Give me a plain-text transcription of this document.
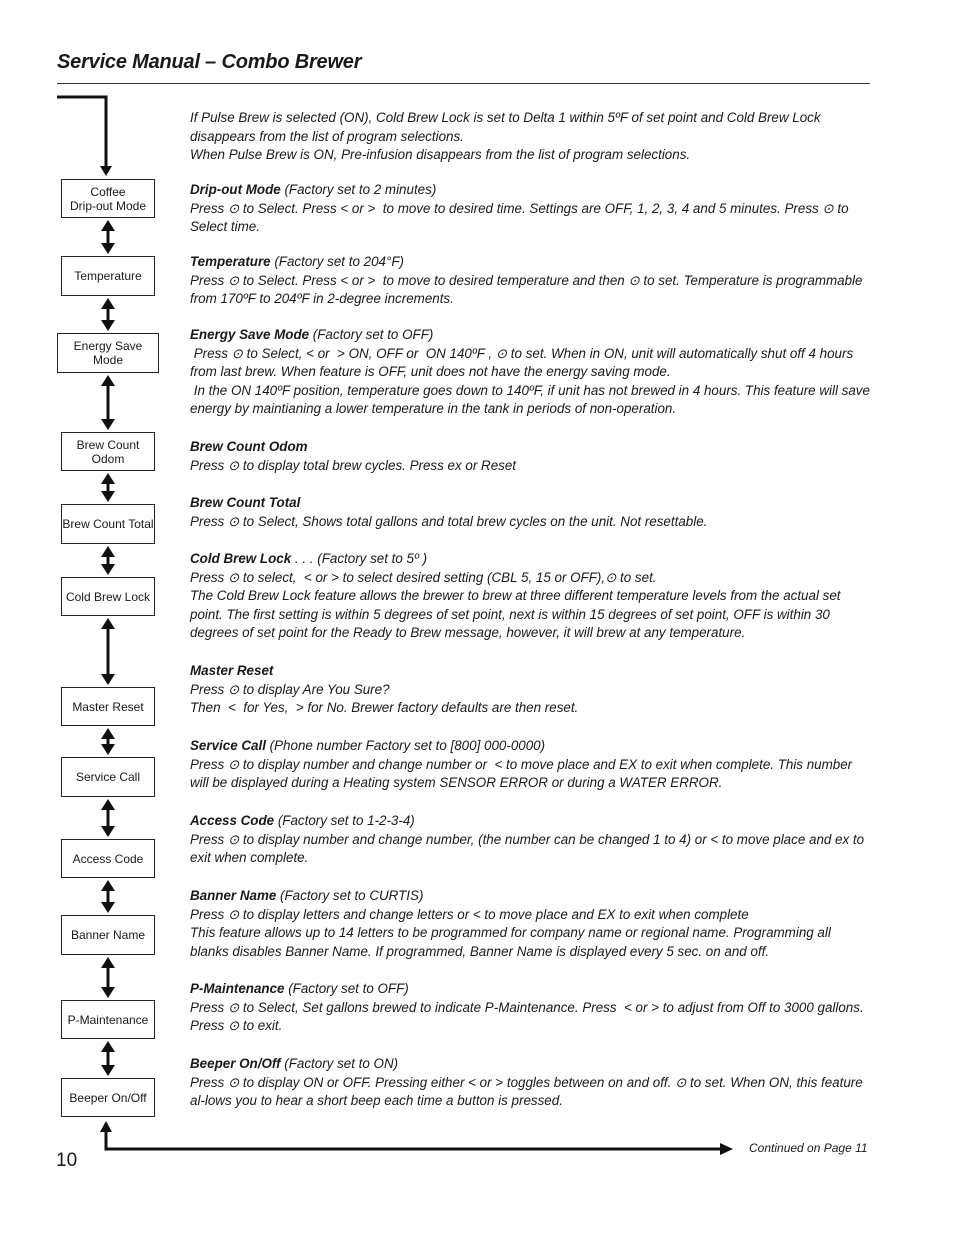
Service Manual – Combo Brewer
Coffee
Drip-out Mode
Temperature
Energy Save Mode
Brew Count Odom
Brew Count Total
Cold Brew Lock
Master Reset
Service Call
Access Code
Banner Name
P-Maintenance
Beeper On/Off

If Pulse Brew is selected (ON), Cold Brew Lock is set to Delta 1 within 5ºF of set point and Cold Brew Lock disappears from the list of program selections.

When Pulse Brew is ON, Pre-infusion disappears from the list of program selections.

Drip-out Mode (Factory set to 2 minutes)

Press ⊙ to Select. Press < or >  to move to desired time. Settings are OFF, 1, 2, 3, 4 and 5 minutes. Press ⊙ to Select time.

Temperature (Factory set to 204°F)

Press ⊙ to Select. Press < or >  to move to desired temperature and then ⊙ to set. Temperature is programmable from 170ºF to 204ºF in 2-degree increments.

Energy Save Mode (Factory set to OFF)

Press ⊙ to Select, < or  > ON, OFF or  ON 140ºF , ⊙ to set. When in ON, unit will automatically shut off 4 hours from last brew. When feature is OFF, unit does not have the energy saving mode.

In the ON 140ºF position, temperature goes down to 140ºF, if unit has not brewed in 4 hours. This feature will save energy by maintianing a lower temperature in the tank in periods of non-operation.

Brew Count Odom

Press ⊙ to display total brew cycles. Press ex or Reset

Brew Count Total

Press ⊙ to Select, Shows total gallons and total brew cycles on the unit. Not resettable.

Cold Brew Lock . . . (Factory set to 5º )

Press ⊙ to select,  < or > to select desired setting (CBL 5, 15 or OFF),⊙ to set.

The Cold Brew Lock feature allows the brewer to brew at three different temperature levels from the actual set point. The first setting is within 5 degrees of set point, next is within 15 degrees of set point, OFF is within 30 degrees of set point for the Ready to Brew message, however, it will brew at any temperature.

Master Reset

Press ⊙ to display Are You Sure?

Then  <  for Yes,  > for No. Brewer factory defaults are then reset.

Service Call (Phone number Factory set to [800] 000-0000)

Press ⊙ to display number and change number or  < to move place and EX to exit when complete. This number will be displayed during a Heating system SENSOR ERROR or during a WATER ERROR.

Access Code (Factory set to 1-2-3-4)

Press ⊙ to display number and change number, (the number can be changed 1 to 4) or < to move place and ex to exit when complete.

Banner Name (Factory set to CURTIS)

Press ⊙ to display letters and change letters or < to move place and EX to exit when complete

This feature allows up to 14 letters to be programmed for company name or regional name. Programming all blanks disables Banner Name. If programmed, Banner Name is displayed every 5 sec. on and off.

P-Maintenance (Factory set to OFF)

Press ⊙ to Select, Set gallons brewed to indicate P-Maintenance. Press  < or > to adjust from Off to 3000 gallons.

Press ⊙ to exit.

Beeper On/Off (Factory set to ON)

Press ⊙ to display ON or OFF. Pressing either < or > toggles between on and off. ⊙ to set. When ON, this feature al-lows you to hear a short beep each time a button is pressed.

10
Continued on Page 11
